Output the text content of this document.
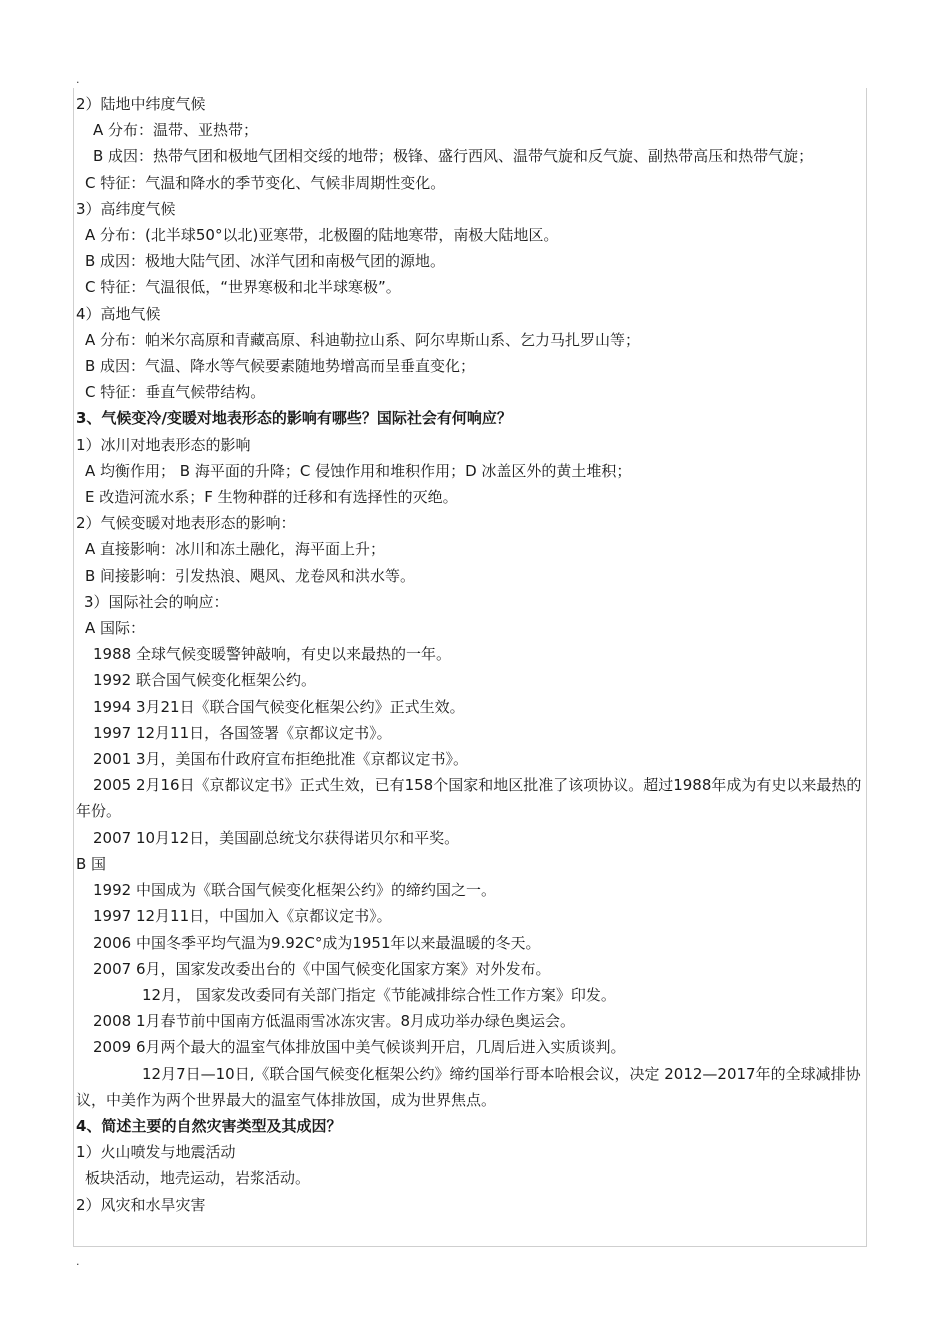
.
2）陆地中纬度气候
A 分布：温带、亚热带；
B 成因：热带气团和极地气团相交绥的地带；极锋、盛行西风、温带气旋和反气旋、副热带高压和热带气旋；
C 特征：气温和降水的季节变化、气候非周期性变化。
3）高纬度气候
A 分布：(北半球50°以北)亚寒带，北极圈的陆地寒带，南极大陆地区。
B 成因：极地大陆气团、冰洋气团和南极气团的源地。
C 特征：气温很低，“世界寒极和北半球寒极”。
4）高地气候
A 分布：帕米尔高原和青藏高原、科迪勒拉山系、阿尔卑斯山系、乞力马扎罗山等；
B 成因：气温、降水等气候要素随地势增高而呈垂直变化；
C 特征：垂直气候带结构。
3、气候变冷/变暖对地表形态的影响有哪些？国际社会有何响应？
1）冰川对地表形态的影响
A 均衡作用； B 海平面的升降；C 侵蚀作用和堆积作用；D 冰盖区外的黄土堆积；
E 改造河流水系；F 生物种群的迁移和有选择性的灭绝。
2）气候变暖对地表形态的影响：
A 直接影响：冰川和冻土融化，海平面上升；
B 间接影响：引发热浪、飓风、龙卷风和洪水等。
3）国际社会的响应：
A 国际：
1988 全球气候变暖警钟敲响，有史以来最热的一年。
1992 联合国气候变化框架公约。
1994 3月21日《联合国气候变化框架公约》正式生效。
1997 12月11日，各国签署《京都议定书》。
2001 3月，美国布什政府宣布拒绝批准《京都议定书》。
2005 2月16日《京都议定书》正式生效，已有158个国家和地区批准了该项协议。超过1988年成为有史以来最热的年份。
2007 10月12日，美国副总统戈尔获得诺贝尔和平奖。
B 国
1992 中国成为《联合国气候变化框架公约》的缔约国之一。
1997 12月11日，中国加入《京都议定书》。
2006 中国冬季平均气温为9.92C°成为1951年以来最温暖的冬天。
2007 6月，国家发改委出台的《中国气候变化国家方案》对外发布。
12月， 国家发改委同有关部门指定《节能减排综合性工作方案》印发。
2008 1月春节前中国南方低温雨雪冰冻灾害。8月成功举办绿色奥运会。
2009 6月两个最大的温室气体排放国中美气候谈判开启，几周后进入实质谈判。
12月7日—10日,《联合国气候变化框架公约》缔约国举行哥本哈根会议，决定 2012—2017年的全球减排协议，中美作为两个世界最大的温室气体排放国，成为世界焦点。
4、简述主要的自然灾害类型及其成因？
1）火山喷发与地震活动
板块活动，地壳运动，岩浆活动。
2）风灾和水旱灾害
.
